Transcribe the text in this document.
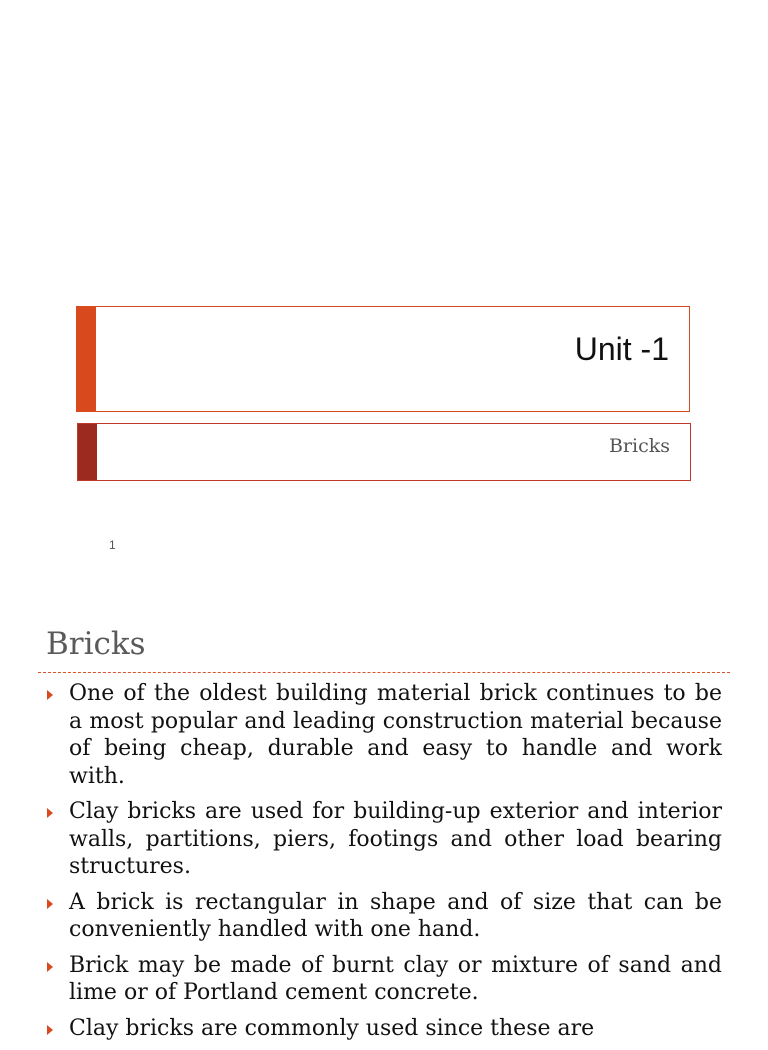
Unit -1
Bricks
1
Bricks
One of the oldest building material brick continues to be a most popular and leading construction material because of being cheap, durable and easy to handle and work with.
Clay bricks are used for building-up exterior and interior walls, partitions, piers, footings and other load bearing structures.
A brick is rectangular in shape and of size that can be conveniently handled with one hand.
Brick may be made of burnt clay or mixture of sand and lime or of Portland cement concrete.
Clay bricks are commonly used since these are
